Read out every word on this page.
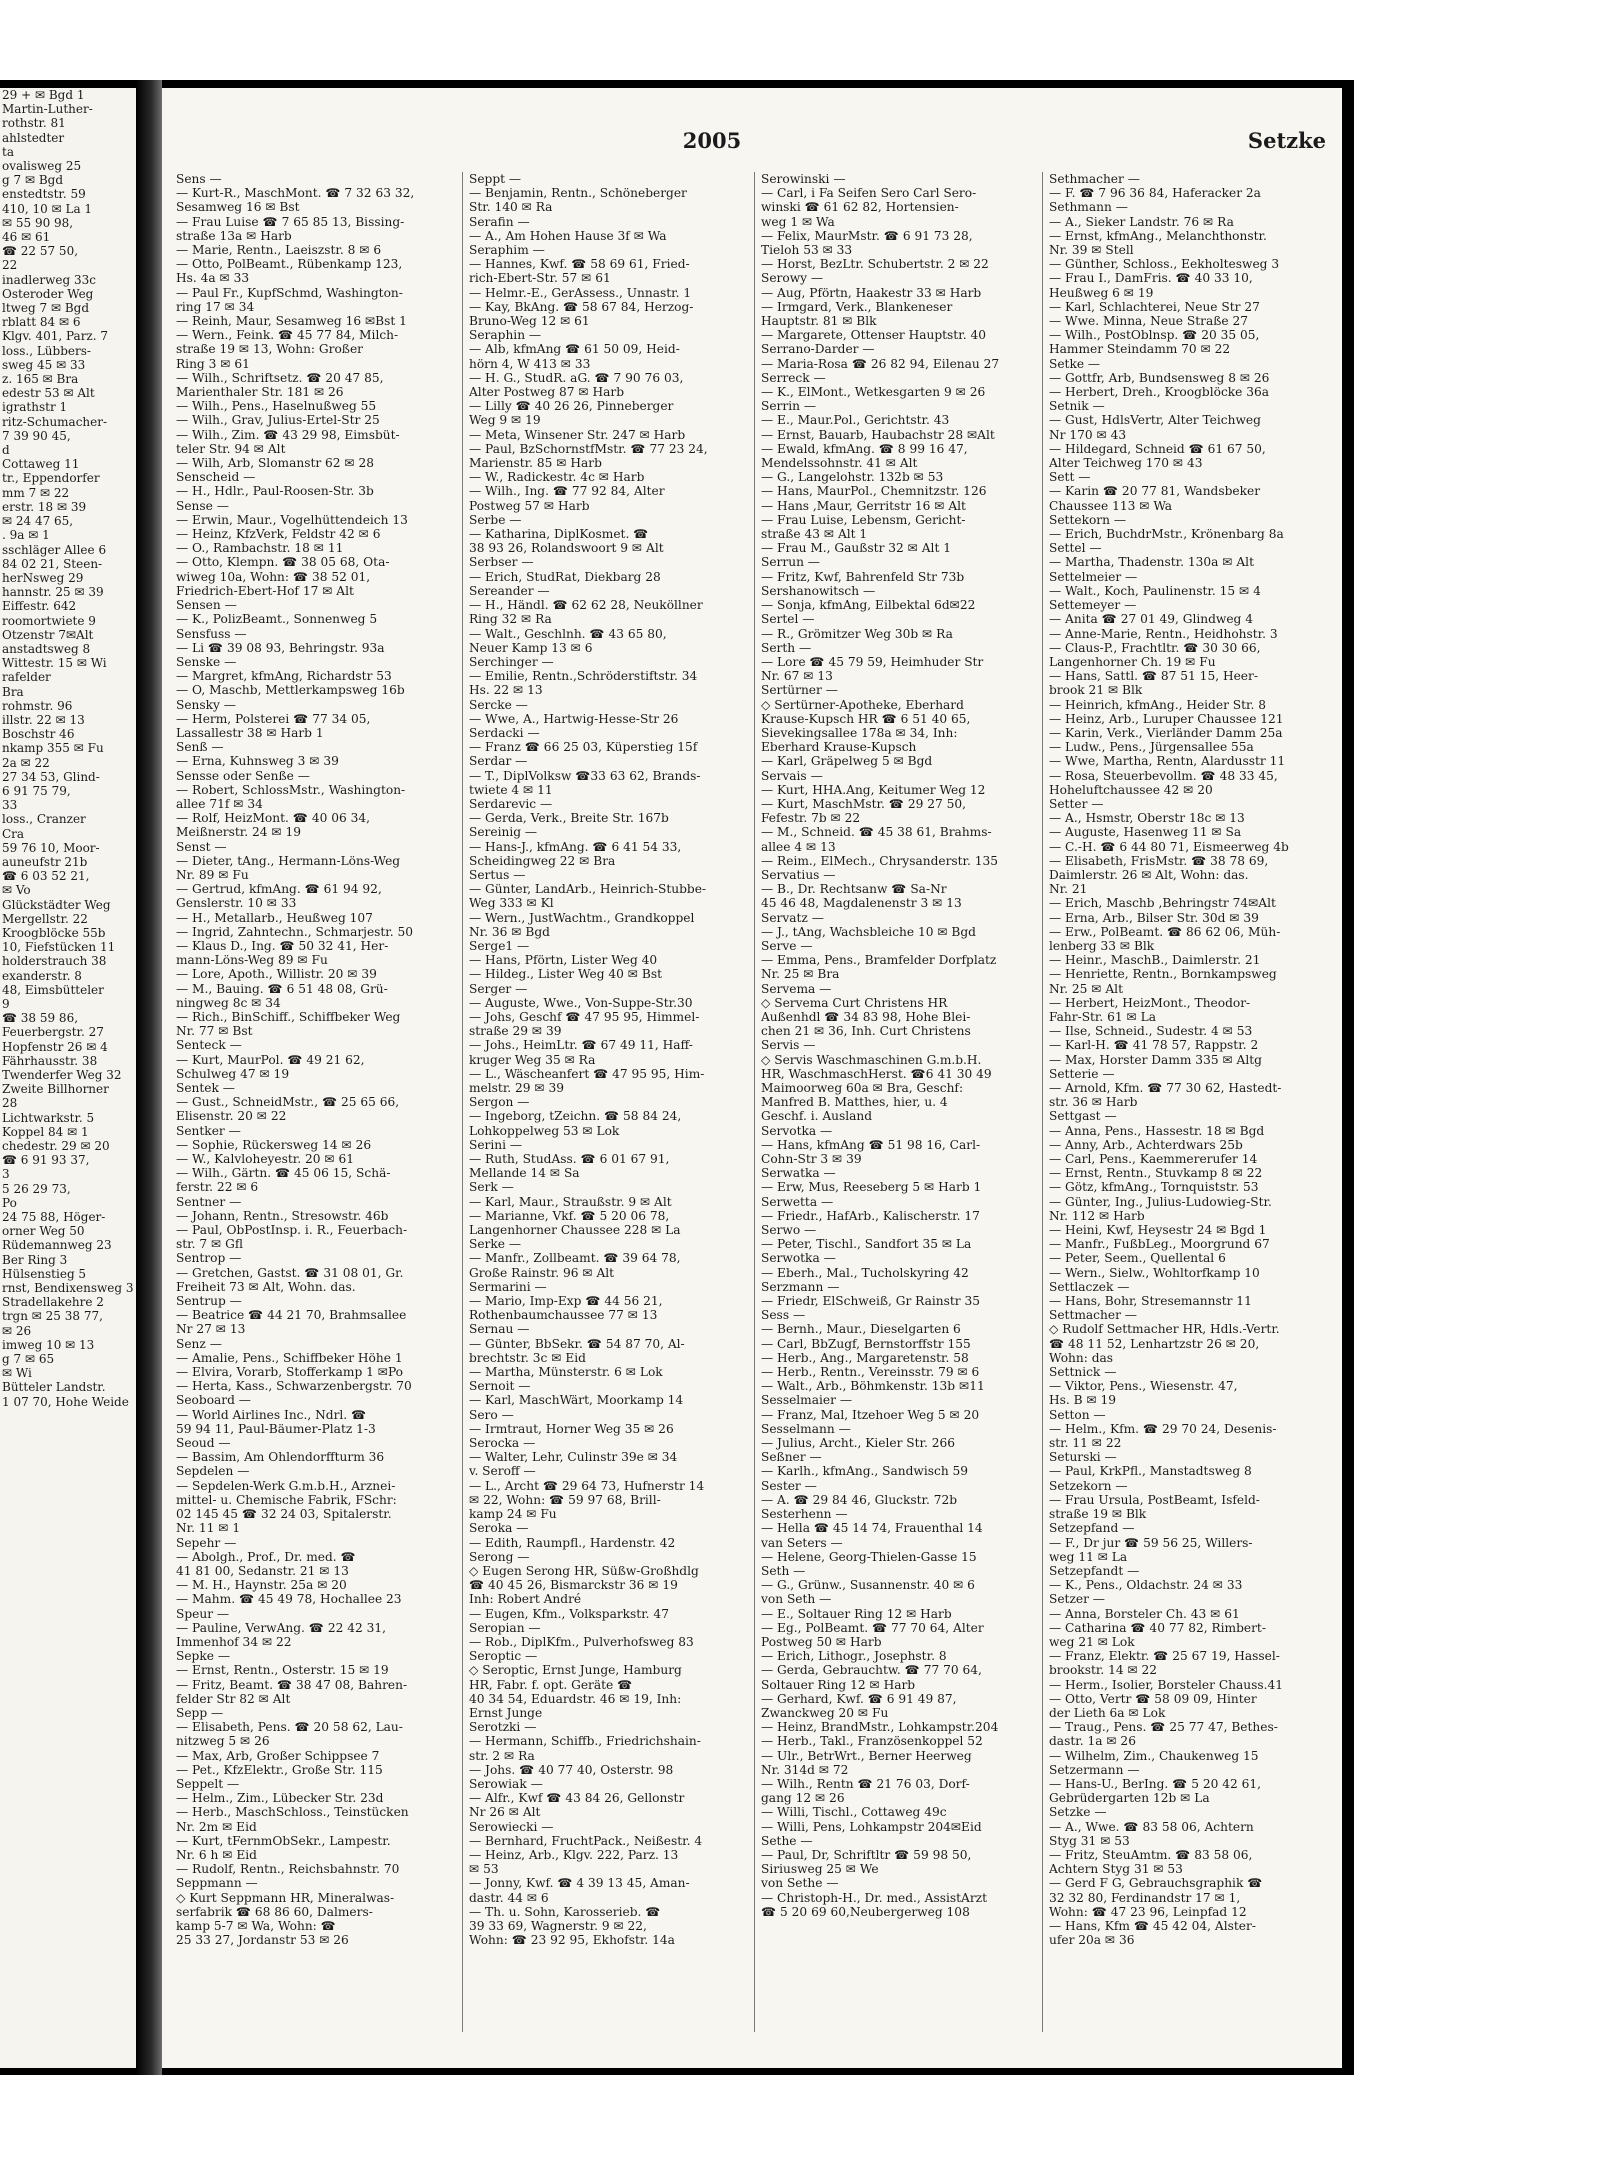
29 + ✉ Bgd 1
Martin-Luther-
rothstr. 81
ahlstedter
ta
ovalisweg 25
g 7 ✉ Bgd
enstedtstr. 59
410, 10 ✉ La 1
✉ 55 90 98,
46 ✉ 61
☎ 22 57 50,
22
inadlerweg 33c
Osteroder Weg
ltweg 7 ✉ Bgd
rblatt 84 ✉ 6
Klgv. 401, Parz. 7
loss., Lübbers-
sweg 45 ✉ 33
z. 165 ✉ Bra
edestr 53 ✉ Alt
igrathstr 1
ritz-Schumacher-
7 39 90 45,
d
Cottaweg 11
tr., Eppendorfer
mm 7 ✉ 22
erstr. 18 ✉ 39
✉ 24 47 65,
. 9a ✉ 1
sschläger Allee 6
84 02 21, Steen-
herNsweg 29
hannstr. 25 ✉ 39
Eiffestr. 642
roomortwiete 9
Otzenstr 7✉Alt
anstadtsweg 8
Wittestr. 15 ✉ Wi
rafelder
Bra
rohmstr. 96
illstr. 22 ✉ 13
Boschstr 46
nkamp 355 ✉ Fu
2a ✉ 22
27 34 53, Glind-
6 91 75 79,
33
loss., Cranzer
Cra
59 76 10, Moor-
auneufstr 21b
☎ 6 03 52 21,
✉ Vo
Glückstädter Weg
Mergellstr. 22
Kroogblöcke 55b
10, Fiefstücken 11
holderstrauch 38
exanderstr. 8
48, Eimsbütteler
9
☎ 38 59 86,
Feuerbergstr. 27
Hopfenstr 26 ✉ 4
Fährhausstr. 38
Twenderfer Weg 32
Zweite Billhorner
28
Lichtwarkstr. 5
Koppel 84 ✉ 1
chedestr. 29 ✉ 20
☎ 6 91 93 37,
3
5 26 29 73,
Po
24 75 88, Höger-
orner Weg 50
Rüdemannweg 23
Ber Ring 3
Hülsenstieg 5
rnst, Bendixensweg 3
Stradellakehre 2
trgn ✉ 25 38 77,
✉ 26
imweg 10 ✉ 13
g 7 ✉ 65
✉ Wi
Bütteler Landstr.
1 07 70, Hohe Weide
2005	Setzke
Sens —
— Kurt-R., MaschMont. ☎ 7 32 63 32,
Sesamweg 16 ✉ Bst
— Frau Luise ☎ 7 65 85 13, Bissing-
straße 13a ✉ Harb
— Marie, Rentn., Laeiszstr. 8 ✉ 6
— Otto, PolBeamt., Rübenkamp 123,
Hs. 4a ✉ 33
— Paul Fr., KupfSchmd, Washington-
ring 17 ✉ 34
— Reinh, Maur, Sesamweg 16 ✉Bst 1
— Wern., Feink. ☎ 45 77 84, Milch-
straße 19 ✉ 13, Wohn: Großer
Ring 3 ✉ 61
— Wilh., Schriftsetz. ☎ 20 47 85,
Marienthaler Str. 181 ✉ 26
— Wilh., Pens., Haselnußweg 55
— Wilh., Grav, Julius-Ertel-Str 25
— Wilh., Zim. ☎ 43 29 98, Eimsbüt-
teler Str. 94 ✉ Alt
— Wilh, Arb, Slomanstr 62 ✉ 28
Senscheid —
— H., Hdlr., Paul-Roosen-Str. 3b
Sense —
— Erwin, Maur., Vogelhüttendeich 13
— Heinz, KfzVerk, Feldstr 42 ✉ 6
— O., Rambachstr. 18 ✉ 11
— Otto, Klempn. ☎ 38 05 68, Ota-
wiweg 10a, Wohn: ☎ 38 52 01,
Friedrich-Ebert-Hof 17 ✉ Alt
Sensen —
— K., PolizBeamt., Sonnenweg 5
Sensfuss —
— Li ☎ 39 08 93, Behringstr. 93a
Senske —
— Margret, kfmAng, Richardstr 53
— O, Maschb, Mettlerkampsweg 16b
Sensky —
— Herm, Polsterei ☎ 77 34 05,
Lassallestr 38 ✉ Harb 1
Senß —
— Erna, Kuhnsweg 3 ✉ 39
Sensse oder Senße —
— Robert, SchlossMstr., Washington-
allee 71f ✉ 34
— Rolf, HeizMont. ☎ 40 06 34,
Meißnerstr. 24 ✉ 19
Senst —
— Dieter, tAng., Hermann-Löns-Weg
Nr. 89 ✉ Fu
— Gertrud, kfmAng. ☎ 61 94 92,
Genslerstr. 10 ✉ 33
— H., Metallarb., Heußweg 107
— Ingrid, Zahntechn., Schmarjestr. 50
— Klaus D., Ing. ☎ 50 32 41, Her-
mann-Löns-Weg 89 ✉ Fu
— Lore, Apoth., Willistr. 20 ✉ 39
— M., Bauing. ☎ 6 51 48 08, Grü-
ningweg 8c ✉ 34
— Rich., BinSchiff., Schiffbeker Weg
Nr. 77 ✉ Bst
Senteck —
— Kurt, MaurPol. ☎ 49 21 62,
Schulweg 47 ✉ 19
Sentek —
— Gust., SchneidMstr., ☎ 25 65 66,
Elisenstr. 20 ✉ 22
Sentker —
— Sophie, Rückersweg 14 ✉ 26
— W., Kalvloheyestr. 20 ✉ 61
— Wilh., Gärtn. ☎ 45 06 15, Schä-
ferstr. 22 ✉ 6
Sentner —
— Johann, Rentn., Stresowstr. 46b
— Paul, ObPostInsp. i. R., Feuerbach-
str. 7 ✉ Gfl
Sentrop —
— Gretchen, Gastst. ☎ 31 08 01, Gr.
Freiheit 73 ✉ Alt, Wohn. das.
Sentrup —
— Beatrice ☎ 44 21 70, Brahmsallee
Nr 27 ✉ 13
Senz —
— Amalie, Pens., Schiffbeker Höhe 1
— Elvira, Vorarb, Stofferkamp 1 ✉Po
— Herta, Kass., Schwarzenbergstr. 70
Seoboard —
— World Airlines Inc., Ndrl. ☎
59 94 11, Paul-Bäumer-Platz 1-3
Seoud —
— Bassim, Am Ohlendorffturm 36
Sepdelen —
— Sepdelen-Werk G.m.b.H., Arznei-
mittel- u. Chemische Fabrik, FSchr:
02 145 45 ☎ 32 24 03, Spitalerstr.
Nr. 11 ✉ 1
Sepehr —
— Abolgh., Prof., Dr. med. ☎
41 81 00, Sedanstr. 21 ✉ 13
— M. H., Haynstr. 25a ✉ 20
— Mahm. ☎ 45 49 78, Hochallee 23
Speur —
— Pauline, VerwAng. ☎ 22 42 31,
Immenhof 34 ✉ 22
Sepke —
— Ernst, Rentn., Osterstr. 15 ✉ 19
— Fritz, Beamt. ☎ 38 47 08, Bahren-
felder Str 82 ✉ Alt
Sepp —
— Elisabeth, Pens. ☎ 20 58 62, Lau-
nitzweg 5 ✉ 26
— Max, Arb, Großer Schippsee 7
— Pet., KfzElektr., Große Str. 115
Seppelt —
— Helm., Zim., Lübecker Str. 23d
— Herb., MaschSchloss., Teinstücken
Nr. 2m ✉ Eid
— Kurt, tFernmObSekr., Lampestr.
Nr. 6 h ✉ Eid
— Rudolf, Rentn., Reichsbahnstr. 70
Seppmann —
◇ Kurt Seppmann HR, Mineralwas-
serfabrik ☎ 68 86 60, Dalmers-
kamp 5-7 ✉ Wa, Wohn: ☎
25 33 27, Jordanstr 53 ✉ 26
Seppt —
— Benjamin, Rentn., Schöneberger
Str. 140 ✉ Ra
Serafin —
— A., Am Hohen Hause 3f ✉ Wa
Seraphim —
— Hannes, Kwf. ☎ 58 69 61, Fried-
rich-Ebert-Str. 57 ✉ 61
— Helmr.-E., GerAssess., Unnastr. 1
— Kay, BkAng. ☎ 58 67 84, Herzog-
Bruno-Weg 12 ✉ 61
Seraphin —
— Alb, kfmAng ☎ 61 50 09, Heid-
hörn 4, W 413 ✉ 33
— H. G., StudR. aG. ☎ 7 90 76 03,
Alter Postweg 87 ✉ Harb
— Lilly ☎ 40 26 26, Pinneberger
Weg 9 ✉ 19
— Meta, Winsener Str. 247 ✉ Harb
— Paul, BzSchornstfMstr. ☎ 77 23 24,
Marienstr. 85 ✉ Harb
— W., Radickestr. 4c ✉ Harb
— Wilh., Ing. ☎ 77 92 84, Alter
Postweg 57 ✉ Harb
Serbe —
— Katharina, DiplKosmet. ☎
38 93 26, Rolandswoort 9 ✉ Alt
Serbser —
— Erich, StudRat, Diekbarg 28
Sereander —
— H., Händl. ☎ 62 62 28, Neuköllner
Ring 32 ✉ Ra
— Walt., Geschlnh. ☎ 43 65 80,
Neuer Kamp 13 ✉ 6
Serchinger —
— Emilie, Rentn.,Schröderstiftstr. 34
Hs. 22 ✉ 13
Sercke —
— Wwe, A., Hartwig-Hesse-Str 26
Serdacki —
— Franz ☎ 66 25 03, Küperstieg 15f
Serdar —
— T., DiplVolksw ☎33 63 62, Brands-
twiete 4 ✉ 11
Serdarevic —
— Gerda, Verk., Breite Str. 167b
Sereinig —
— Hans-J., kfmAng. ☎ 6 41 54 33,
Scheidingweg 22 ✉ Bra
Sertus —
— Günter, LandArb., Heinrich-Stubbe-
Weg 333 ✉ Kl
— Wern., JustWachtm., Grandkoppel
Nr. 36 ✉ Bgd
Serge1 —
— Hans, Pförtn, Lister Weg 40
— Hildeg., Lister Weg 40 ✉ Bst
Serger —
— Auguste, Wwe., Von-Suppe-Str.30
— Johs, Geschf ☎ 47 95 95, Himmel-
straße 29 ✉ 39
— Johs., HeimLtr. ☎ 67 49 11, Haff-
kruger Weg 35 ✉ Ra
— L., Wäscheanfert ☎ 47 95 95, Him-
melstr. 29 ✉ 39
Sergon —
— Ingeborg, tZeichn. ☎ 58 84 24,
Lohkoppelweg 53 ✉ Lok
Serini —
— Ruth, StudAss. ☎ 6 01 67 91,
Mellande 14 ✉ Sa
Serk —
— Karl, Maur., Straußstr. 9 ✉ Alt
— Marianne, Vkf. ☎ 5 20 06 78,
Langenhorner Chaussee 228 ✉ La
Serke —
— Manfr., Zollbeamt. ☎ 39 64 78,
Große Rainstr. 96 ✉ Alt
Sermarini —
— Mario, Imp-Exp ☎ 44 56 21,
Rothenbaumchaussee 77 ✉ 13
Sernau —
— Günter, BbSekr. ☎ 54 87 70, Al-
brechtstr. 3c ✉ Eid
— Martha, Münsterstr. 6 ✉ Lok
Sernoit —
— Karl, MaschWärt, Moorkamp 14
Sero —
— Irmtraut, Horner Weg 35 ✉ 26
Serocka —
— Walter, Lehr, Culinstr 39e ✉ 34
v. Seroff —
— L., Archt ☎ 29 64 73, Hufnerstr 14
✉ 22, Wohn: ☎ 59 97 68, Brill-
kamp 24 ✉ Fu
Seroka —
— Edith, Raumpfl., Hardenstr. 42
Serong —
◇ Eugen Serong HR, Süßw-Großhdlg
☎ 40 45 26, Bismarckstr 36 ✉ 19
Inh: Robert André
— Eugen, Kfm., Volksparkstr. 47
Seropian —
— Rob., DiplKfm., Pulverhofsweg 83
Seroptic —
◇ Seroptic, Ernst Junge, Hamburg
HR, Fabr. f. opt. Geräte ☎
40 34 54, Eduardstr. 46 ✉ 19, Inh:
Ernst Junge
Serotzki —
— Hermann, Schiffb., Friedrichshain-
str. 2 ✉ Ra
— Johs. ☎ 40 77 40, Osterstr. 98
Serowiak —
— Alfr., Kwf ☎ 43 84 26, Gellonstr
Nr 26 ✉ Alt
Serowiecki —
— Bernhard, FruchtPack., Neißestr. 4
— Heinz, Arb., Klgv. 222, Parz. 13
✉ 53
— Jonny, Kwf. ☎ 4 39 13 45, Aman-
dastr. 44 ✉ 6
— Th. u. Sohn, Karosserieb. ☎
39 33 69, Wagnerstr. 9 ✉ 22,
Wohn: ☎ 23 92 95, Ekhofstr. 14a
Serowinski —
— Carl, i Fa Seifen Sero Carl Sero-
winski ☎ 61 62 82, Hortensien-
weg 1 ✉ Wa
— Felix, MaurMstr. ☎ 6 91 73 28,
Tieloh 53 ✉ 33
— Horst, BezLtr. Schubertstr. 2 ✉ 22
Serowy —
— Aug, Pförtn, Haakestr 33 ✉ Harb
— Irmgard, Verk., Blankeneser
Hauptstr. 81 ✉ Blk
— Margarete, Ottenser Hauptstr. 40
Serrano-Darder —
— Maria-Rosa ☎ 26 82 94, Eilenau 27
Serreck —
— K., ElMont., Wetkesgarten 9 ✉ 26
Serrin —
— E., Maur.Pol., Gerichtstr. 43
— Ernst, Bauarb, Haubachstr 28 ✉Alt
— Ewald, kfmAng. ☎ 8 99 16 47,
Mendelssohnstr. 41 ✉ Alt
— G., Langelohstr. 132b ✉ 53
— Hans, MaurPol., Chemnitzstr. 126
— Hans ,Maur, Gerritstr 16 ✉ Alt
— Frau Luise, Lebensm, Gericht-
straße 43 ✉ Alt 1
— Frau M., Gaußstr 32 ✉ Alt 1
Serrun —
— Fritz, Kwf, Bahrenfeld Str 73b
Sershanowitsch —
— Sonja, kfmAng, Eilbektal 6d✉22
Sertel —
— R., Grömitzer Weg 30b ✉ Ra
Serth —
— Lore ☎ 45 79 59, Heimhuder Str
Nr. 67 ✉ 13
Sertürner —
◇ Sertürner-Apotheke, Eberhard
Krause-Kupsch HR ☎ 6 51 40 65,
Sievekingsallee 178a ✉ 34, Inh:
Eberhard Krause-Kupsch
— Karl, Gräpelweg 5 ✉ Bgd
Servais —
— Kurt, HHA.Ang, Keitumer Weg 12
— Kurt, MaschMstr. ☎ 29 27 50,
Fefestr. 7b ✉ 22
— M., Schneid. ☎ 45 38 61, Brahms-
allee 4 ✉ 13
— Reim., ElMech., Chrysanderstr. 135
Servatius —
— B., Dr. Rechtsanw ☎ Sa-Nr
45 46 48, Magdalenenstr 3 ✉ 13
Servatz —
— J., tAng, Wachsbleiche 10 ✉ Bgd
Serve —
— Emma, Pens., Bramfelder Dorfplatz
Nr. 25 ✉ Bra
Servema —
◇ Servema Curt Christens HR
Außenhdl ☎ 34 83 98, Hohe Blei-
chen 21 ✉ 36, Inh. Curt Christens
Servis —
◇ Servis Waschmaschinen G.m.b.H.
HR, WaschmaschHerst. ☎6 41 30 49
Maimoorweg 60a ✉ Bra, Geschf:
Manfred B. Matthes, hier, u. 4
Geschf. i. Ausland
Servotka —
— Hans, kfmAng ☎ 51 98 16, Carl-
Cohn-Str 3 ✉ 39
Serwatka —
— Erw, Mus, Reeseberg 5 ✉ Harb 1
Serwetta —
— Friedr., HafArb., Kalischerstr. 17
Serwo —
— Peter, Tischl., Sandfort 35 ✉ La
Serwotka —
— Eberh., Mal., Tucholskyring 42
Serzmann —
— Friedr, ElSchweiß, Gr Rainstr 35
Sess —
— Bernh., Maur., Dieselgarten 6
— Carl, BbZugf, Bernstorffstr 155
— Herb., Ang., Margaretenstr. 58
— Herb., Rentn., Vereinsstr. 79 ✉ 6
— Walt., Arb., Böhmkenstr. 13b ✉11
Sesselmaier —
— Franz, Mal, Itzehoer Weg 5 ✉ 20
Sesselmann —
— Julius, Archt., Kieler Str. 266
Seßner —
— Karlh., kfmAng., Sandwisch 59
Sester —
— A. ☎ 29 84 46, Gluckstr. 72b
Sesterhenn —
— Hella ☎ 45 14 74, Frauenthal 14
van Seters —
— Helene, Georg-Thielen-Gasse 15
Seth —
— G., Grünw., Susannenstr. 40 ✉ 6
von Seth —
— E., Soltauer Ring 12 ✉ Harb
— Eg., PolBeamt. ☎ 77 70 64, Alter
Postweg 50 ✉ Harb
— Erich, Lithogr., Josephstr. 8
— Gerda, Gebrauchtw. ☎ 77 70 64,
Soltauer Ring 12 ✉ Harb
— Gerhard, Kwf. ☎ 6 91 49 87,
Zwanckweg 20 ✉ Fu
— Heinz, BrandMstr., Lohkampstr.204
— Herb., Takl., Französenkoppel 52
— Ulr., BetrWrt., Berner Heerweg
Nr. 314d ✉ 72
— Wilh., Rentn ☎ 21 76 03, Dorf-
gang 12 ✉ 26
— Willi, Tischl., Cottaweg 49c
— Willi, Pens, Lohkampstr 204✉Eid
Sethe —
— Paul, Dr, Schriftltr ☎ 59 98 50,
Siriusweg 25 ✉ We
von Sethe —
— Christoph-H., Dr. med., AssistArzt
☎ 5 20 69 60,Neubergerweg 108
Sethmacher —
— F. ☎ 7 96 36 84, Haferacker 2a
Sethmann —
— A., Sieker Landstr. 76 ✉ Ra
— Ernst, kfmAng., Melanchthonstr.
Nr. 39 ✉ Stell
— Günther, Schloss., Eekholtesweg 3
— Frau I., DamFris. ☎ 40 33 10,
Heußweg 6 ✉ 19
— Karl, Schlachterei, Neue Str 27
— Wwe. Minna, Neue Straße 27
— Wilh., PostOblnsp. ☎ 20 35 05,
Hammer Steindamm 70 ✉ 22
Setke —
— Gottfr, Arb, Bundsensweg 8 ✉ 26
— Herbert, Dreh., Kroogblöcke 36a
Setnik —
— Gust, HdlsVertr, Alter Teichweg
Nr 170 ✉ 43
— Hildegard, Schneid ☎ 61 67 50,
Alter Teichweg 170 ✉ 43
Sett —
— Karin ☎ 20 77 81, Wandsbeker
Chaussee 113 ✉ Wa
Settekorn —
— Erich, BuchdrMstr., Krönenbarg 8a
Settel —
— Martha, Thadenstr. 130a ✉ Alt
Settelmeier —
— Walt., Koch, Paulinenstr. 15 ✉ 4
Settemeyer —
— Anita ☎ 27 01 49, Glindweg 4
— Anne-Marie, Rentn., Heidhohstr. 3
— Claus-P., Frachtltr. ☎ 30 30 66,
Langenhorner Ch. 19 ✉ Fu
— Hans, Sattl. ☎ 87 51 15, Heer-
brook 21 ✉ Blk
— Heinrich, kfmAng., Heider Str. 8
— Heinz, Arb., Luruper Chaussee 121
— Karin, Verk., Vierländer Damm 25a
— Ludw., Pens., Jürgensallee 55a
— Wwe, Martha, Rentn, Alardusstr 11
— Rosa, Steuerbevollm. ☎ 48 33 45,
Hoheluftchaussee 42 ✉ 20
Setter —
— A., Hsmstr, Oberstr 18c ✉ 13
— Auguste, Hasenweg 11 ✉ Sa
— C.-H. ☎ 6 44 80 71, Eismeerweg 4b
— Elisabeth, FrisMstr. ☎ 38 78 69,
Daimlerstr. 26 ✉ Alt, Wohn: das.
Nr. 21
— Erich, Maschb ,Behringstr 74✉Alt
— Erna, Arb., Bilser Str. 30d ✉ 39
— Erw., PolBeamt. ☎ 86 62 06, Müh-
lenberg 33 ✉ Blk
— Heinr., MaschB., Daimlerstr. 21
— Henriette, Rentn., Bornkampsweg
Nr. 25 ✉ Alt
— Herbert, HeizMont., Theodor-
Fahr-Str. 61 ✉ La
— Ilse, Schneid., Sudestr. 4 ✉ 53
— Karl-H. ☎ 41 78 57, Rappstr. 2
— Max, Horster Damm 335 ✉ Altg
Setterie —
— Arnold, Kfm. ☎ 77 30 62, Hastedt-
str. 36 ✉ Harb
Settgast —
— Anna, Pens., Hassestr. 18 ✉ Bgd
— Anny, Arb., Achterdwars 25b
— Carl, Pens., Kaemmererufer 14
— Ernst, Rentn., Stuvkamp 8 ✉ 22
— Götz, kfmAng., Tornquiststr. 53
— Günter, Ing., Julius-Ludowieg-Str.
Nr. 112 ✉ Harb
— Heini, Kwf, Heysestr 24 ✉ Bgd 1
— Manfr., FußbLeg., Moorgrund 67
— Peter, Seem., Quellental 6
— Wern., Sielw., Wohltorfkamp 10
Settlaczek —
— Hans, Bohr, Stresemannstr 11
Settmacher —
◇ Rudolf Settmacher HR, Hdls.-Vertr.
☎ 48 11 52, Lenhartzstr 26 ✉ 20,
Wohn: das
Settnick —
— Viktor, Pens., Wiesenstr. 47,
Hs. B ✉ 19
Setton —
— Helm., Kfm. ☎ 29 70 24, Desenis-
str. 11 ✉ 22
Seturski —
— Paul, KrkPfl., Manstadtsweg 8
Setzekorn —
— Frau Ursula, PostBeamt, Isfeld-
straße 19 ✉ Blk
Setzepfand —
— F., Dr jur ☎ 59 56 25, Willers-
weg 11 ✉ La
Setzepfandt —
— K., Pens., Oldachstr. 24 ✉ 33
Setzer —
— Anna, Borsteler Ch. 43 ✉ 61
— Catharina ☎ 40 77 82, Rimbert-
weg 21 ✉ Lok
— Franz, Elektr. ☎ 25 67 19, Hassel-
brookstr. 14 ✉ 22
— Herm., Isolier, Borsteler Chauss.41
— Otto, Vertr ☎ 58 09 09, Hinter
der Lieth 6a ✉ Lok
— Traug., Pens. ☎ 25 77 47, Bethes-
dastr. 1a ✉ 26
— Wilhelm, Zim., Chaukenweg 15
Setzermann —
— Hans-U., BerIng. ☎ 5 20 42 61,
Gebrüdergarten 12b ✉ La
Setzke —
— A., Wwe. ☎ 83 58 06, Achtern
Styg 31 ✉ 53
— Fritz, SteuAmtm. ☎ 83 58 06,
Achtern Styg 31 ✉ 53
— Gerd F G, Gebrauchsgraphik ☎
32 32 80, Ferdinandstr 17 ✉ 1,
Wohn: ☎ 47 23 96, Leinpfad 12
— Hans, Kfm ☎ 45 42 04, Alster-
ufer 20a ✉ 36
